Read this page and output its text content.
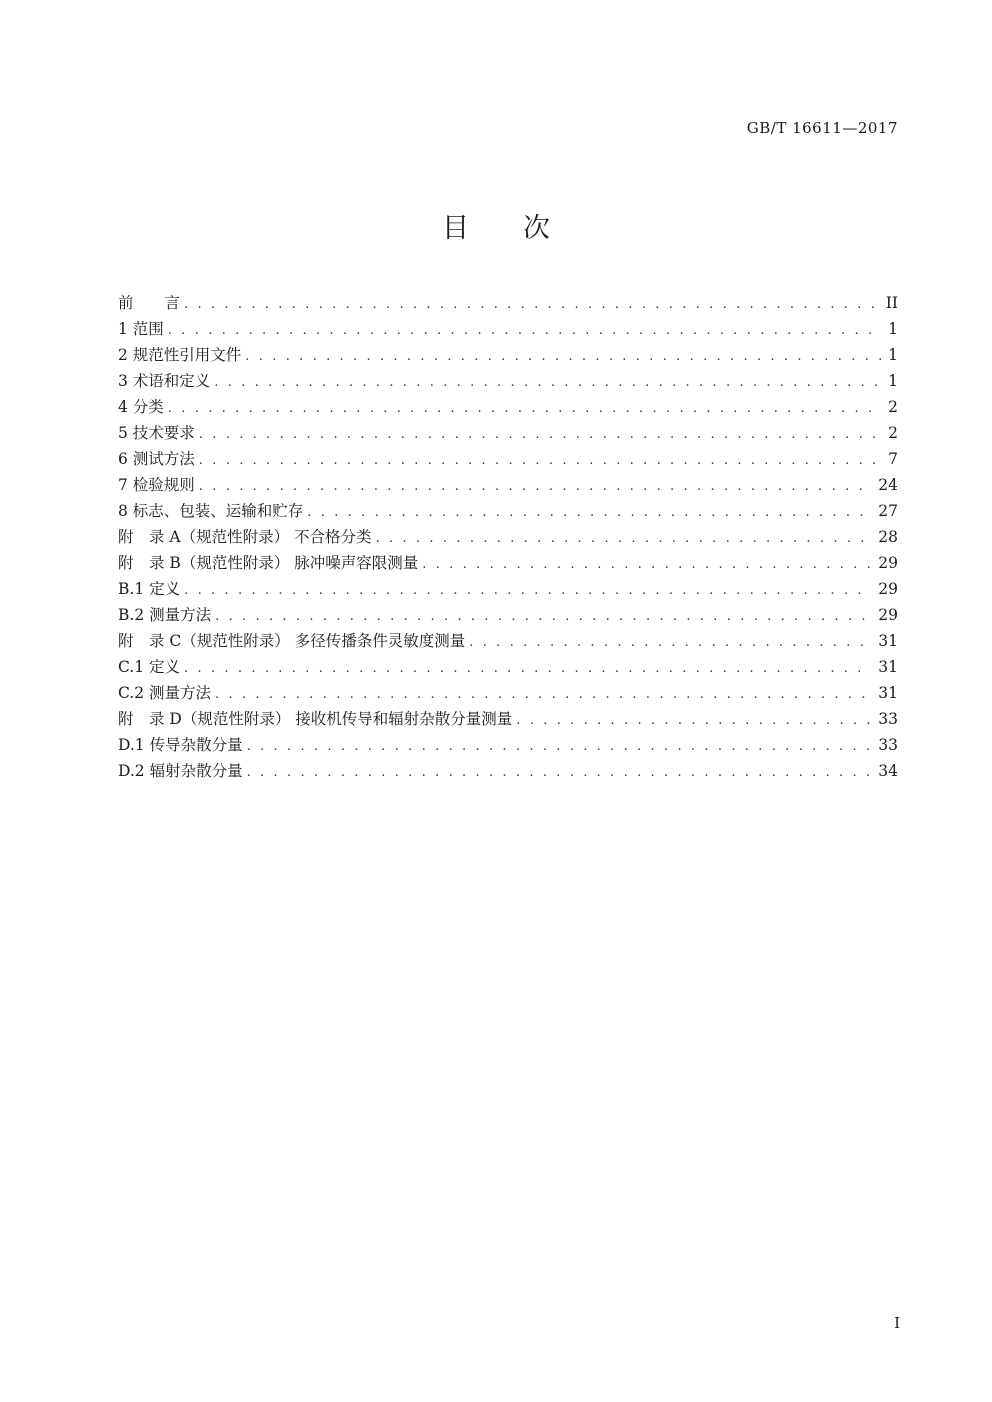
GB/T 16611—2017
目次
前　　言 . . .	II
1 范围 . . .	1
2 规范性引用文件 . . .	1
3 术语和定义 . . .	1
4 分类 . . .	2
5 技术要求 . . .	2
6 测试方法 . . .	7
7 检验规则 . . .	24
8 标志、包装、运输和贮存 . . .	27
附　录 A（规范性附录） 不合格分类 . . .	28
附　录 B（规范性附录） 脉冲噪声容限测量 . . .	29
B.1 定义 . . .	29
B.2 测量方法 . . .	29
附　录 C（规范性附录） 多径传播条件灵敏度测量 . . .	31
C.1 定义 . . .	31
C.2 测量方法 . . .	31
附　录 D（规范性附录） 接收机传导和辐射杂散分量测量 . . .	33
D.1 传导杂散分量 . . .	33
D.2 辐射杂散分量 . . .	34
I
